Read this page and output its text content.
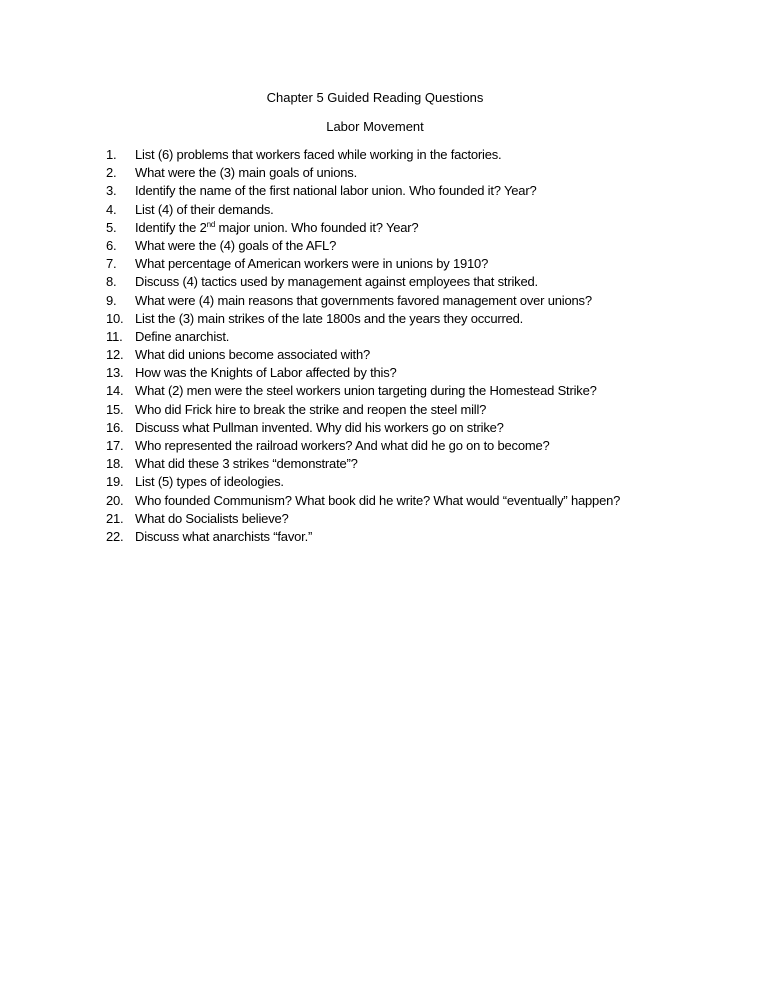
Chapter 5 Guided Reading Questions
Labor Movement
1. List (6) problems that workers faced while working in the factories.
2. What were the (3) main goals of unions.
3. Identify the name of the first national labor union. Who founded it? Year?
4. List (4) of their demands.
5. Identify the 2nd major union. Who founded it? Year?
6. What were the (4) goals of the AFL?
7. What percentage of American workers were in unions by 1910?
8. Discuss (4) tactics used by management against employees that striked.
9. What were (4) main reasons that governments favored management over unions?
10. List the (3) main strikes of the late 1800s and the years they occurred.
11. Define anarchist.
12. What did unions become associated with?
13. How was the Knights of Labor affected by this?
14. What (2) men were the steel workers union targeting during the Homestead Strike?
15. Who did Frick hire to break the strike and reopen the steel mill?
16. Discuss what Pullman invented. Why did his workers go on strike?
17. Who represented the railroad workers? And what did he go on to become?
18. What did these 3 strikes “demonstrate”?
19. List (5) types of ideologies.
20. Who founded Communism? What book did he write? What would “eventually” happen?
21. What do Socialists believe?
22. Discuss what anarchists “favor.”
